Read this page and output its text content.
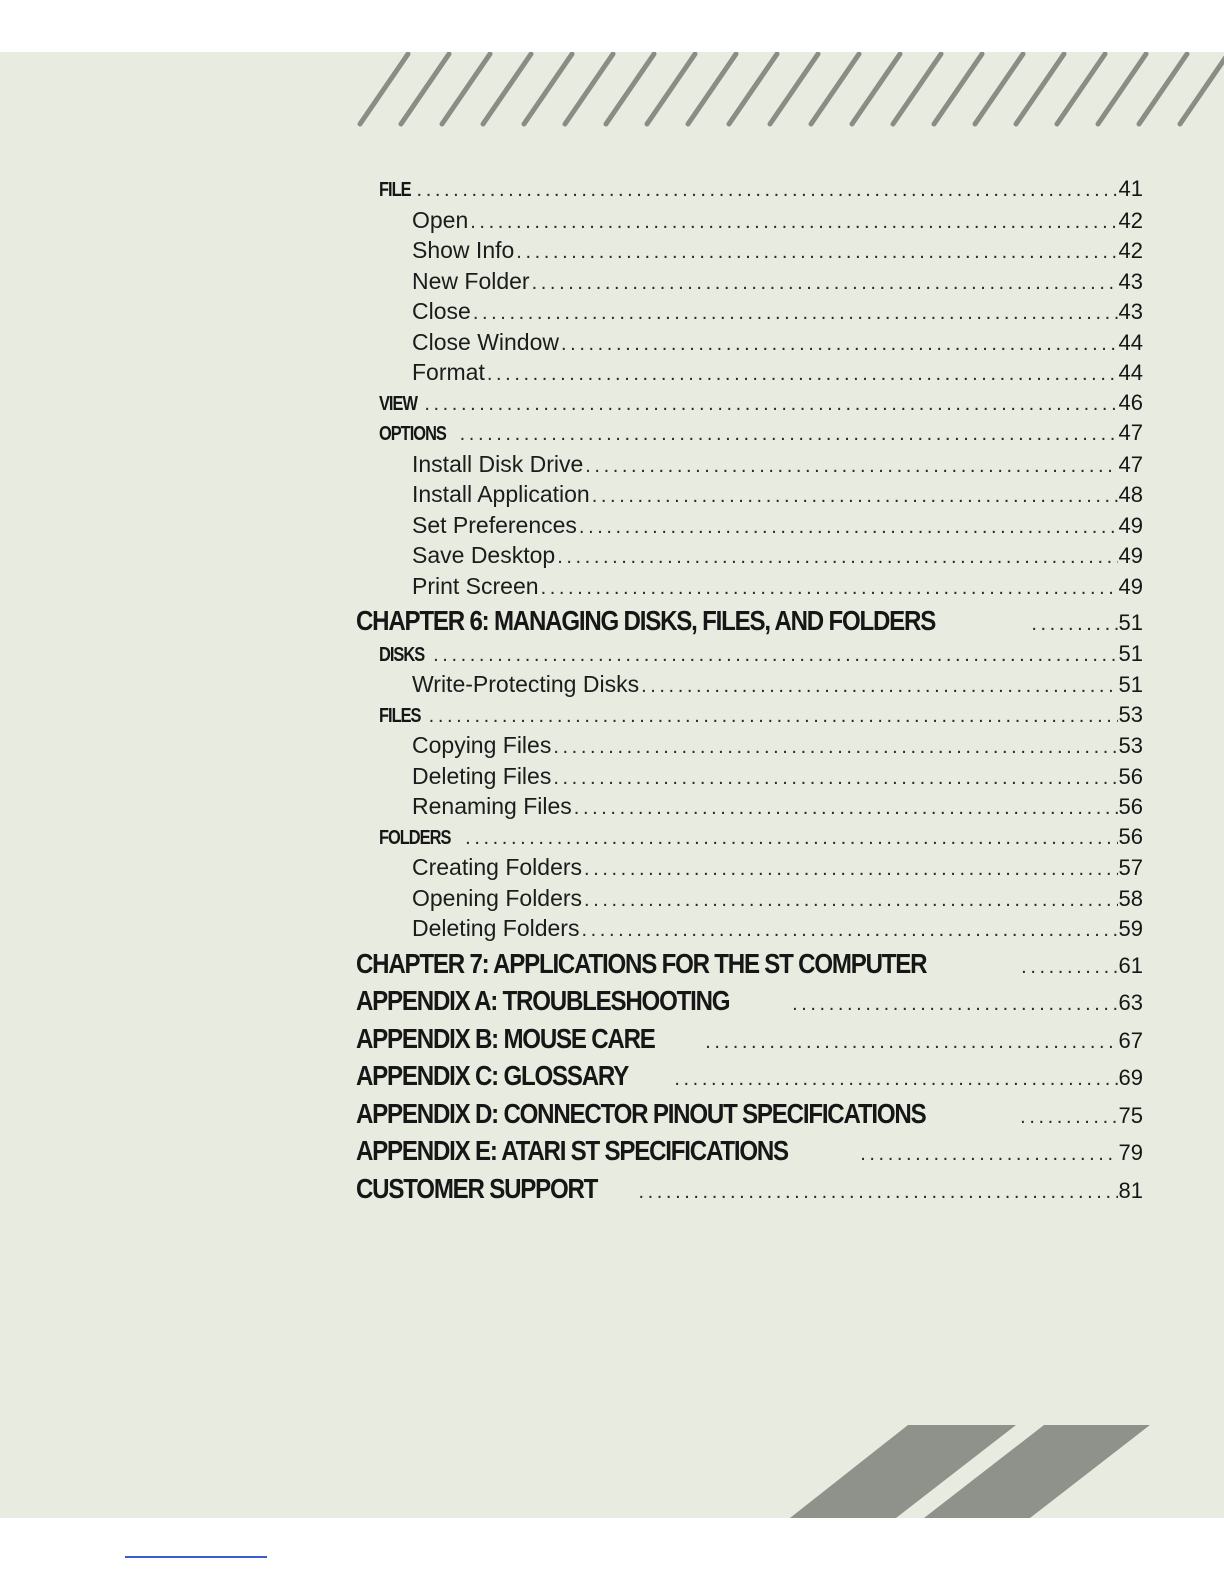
FILE .....	41
Open .....	42
Show Info .....	42
New Folder .....	43
Close .....	43
Close Window .....	44
Format .....	44
VIEW .....	46
OPTIONS .....	47
Install Disk Drive .....	47
Install Application .....	48
Set Preferences .....	49
Save Desktop .....	49
Print Screen .....	49
CHAPTER 6: MANAGING DISKS, FILES, AND FOLDERS .....	51
DISKS .....	51
Write-Protecting Disks .....	51
FILES .....	53
Copying Files .....	53
Deleting Files .....	56
Renaming Files .....	56
FOLDERS .....	56
Creating Folders .....	57
Opening Folders .....	58
Deleting Folders .....	59
CHAPTER 7: APPLICATIONS FOR THE ST COMPUTER .....	61
APPENDIX A: TROUBLESHOOTING .....	63
APPENDIX B: MOUSE CARE .....	67
APPENDIX C: GLOSSARY .....	69
APPENDIX D: CONNECTOR PINOUT SPECIFICATIONS .....	75
APPENDIX E: ATARI ST SPECIFICATIONS .....	79
CUSTOMER SUPPORT .....	81
